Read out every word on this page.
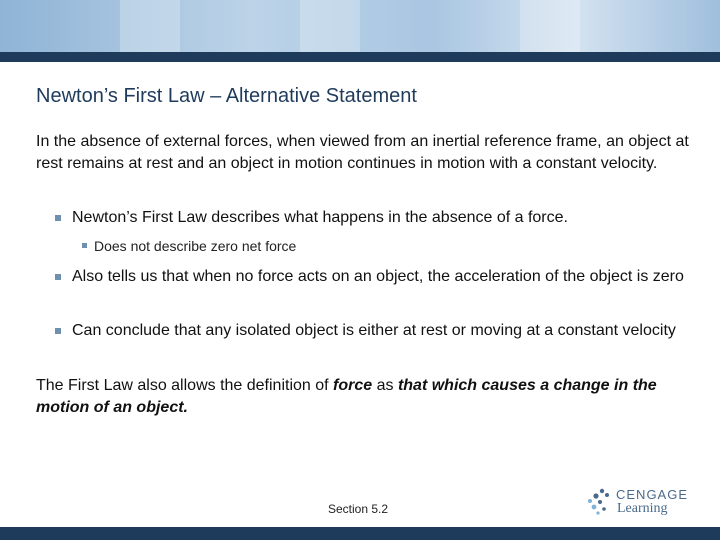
Newton’s First Law – Alternative Statement
In the absence of external forces, when viewed from an inertial reference frame, an object at rest remains at rest and an object in motion continues in motion with a constant velocity.
Newton’s First Law describes what happens in the absence of a force.
Does not describe zero net force
Also tells us that when no force acts on an object, the acceleration of the object is zero
Can conclude that any isolated object is either at rest or moving at a constant velocity
The First Law also allows the definition of force as that which causes a change in the motion of an object.
Section 5.2
CENGAGE
Learning
